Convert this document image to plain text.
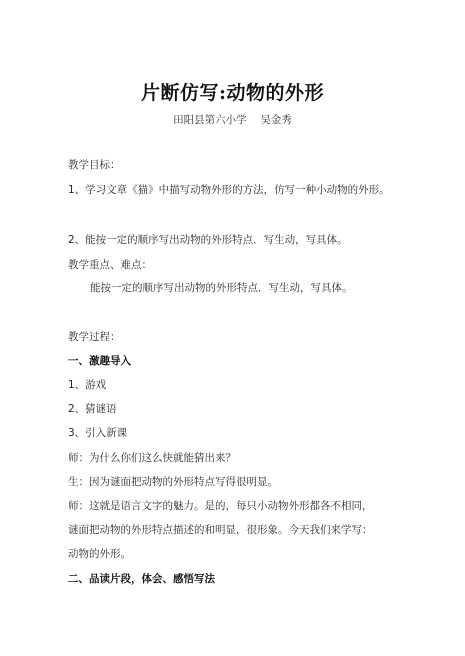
片断仿写:动物的外形
田阳县第六小学　 吴金秀
教学目标：
1、学习文章《猫》中描写动物外形的方法，仿写一种小动物的外形。
2、能按一定的顺序写出动物的外形特点．写生动，写具体。
教学重点、难点：
能按一定的顺序写出动物的外形特点．写生动，写具体。
教学过程：
一、激趣导入
1、游戏
2、猜谜语
3、引入新课
师：为什么你们这么快就能猜出来？
生：因为谜面把动物的外形特点写得很明显。
师：这就是语言文字的魅力。是的，每只小动物外形都各不相同，
谜面把动物的外形特点描述的和明显，很形象。今天我们来学写：
动物的外形。
二、品读片段，体会、感悟写法
